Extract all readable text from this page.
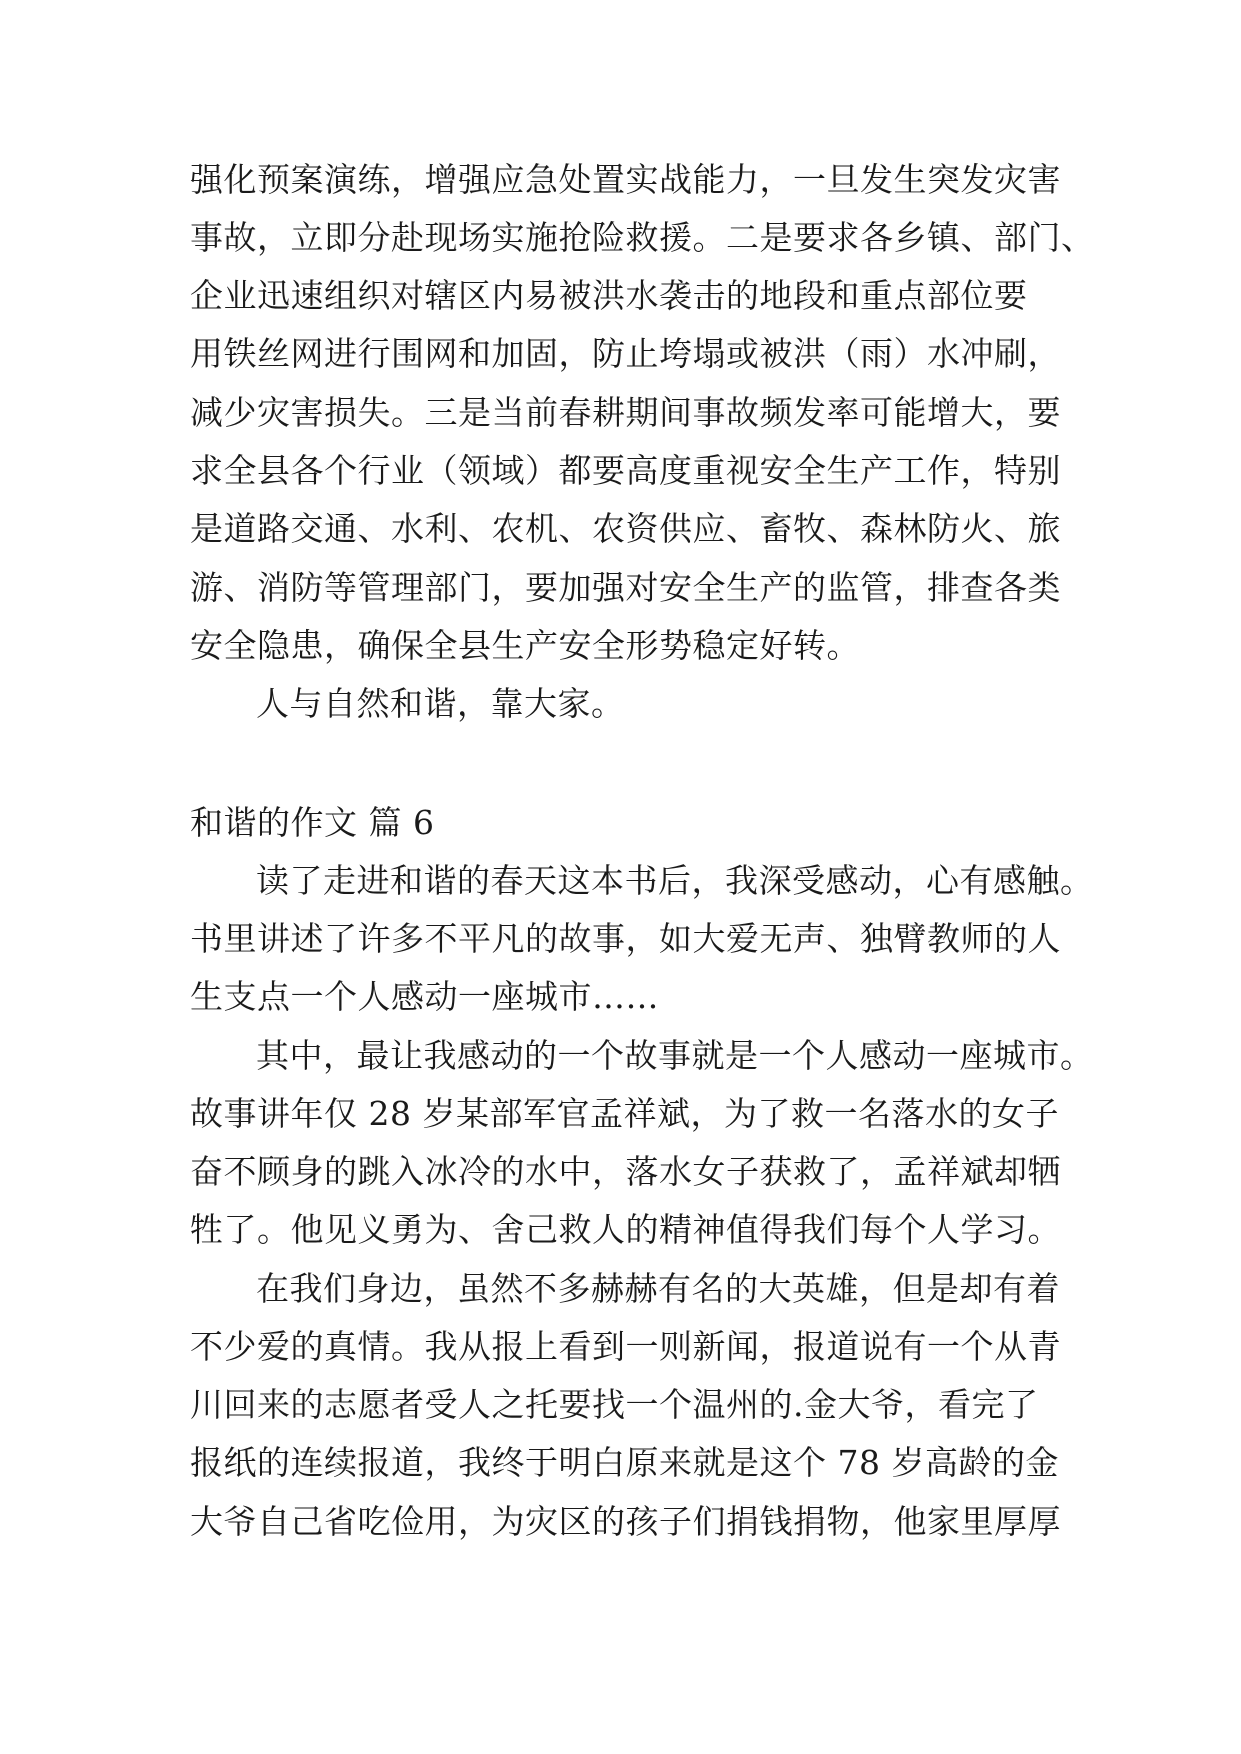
强化预案演练，增强应急处置实战能力，一旦发生突发灾害
事故，立即分赴现场实施抢险救援。二是要求各乡镇、部门、
企业迅速组织对辖区内易被洪水袭击的地段和重点部位要
用铁丝网进行围网和加固，防止垮塌或被洪（雨）水冲刷，
减少灾害损失。三是当前春耕期间事故频发率可能增大，要
求全县各个行业（领域）都要高度重视安全生产工作，特别
是道路交通、水利、农机、农资供应、畜牧、森林防火、旅
游、消防等管理部门，要加强对安全生产的监管，排查各类
安全隐患，确保全县生产安全形势稳定好转。
人与自然和谐，靠大家。
和谐的作文 篇 6
读了走进和谐的春天这本书后，我深受感动，心有感触。
书里讲述了许多不平凡的故事，如大爱无声、独臂教师的人
生支点一个人感动一座城市……
其中，最让我感动的一个故事就是一个人感动一座城市。
故事讲年仅 28 岁某部军官孟祥斌，为了救一名落水的女子
奋不顾身的跳入冰冷的水中，落水女子获救了，孟祥斌却牺
牲了。他见义勇为、舍己救人的精神值得我们每个人学习。
在我们身边，虽然不多赫赫有名的大英雄，但是却有着
不少爱的真情。我从报上看到一则新闻，报道说有一个从青
川回来的志愿者受人之托要找一个温州的.金大爷，看完了
报纸的连续报道，我终于明白原来就是这个 78 岁高龄的金
大爷自己省吃俭用，为灾区的孩子们捐钱捐物，他家里厚厚
